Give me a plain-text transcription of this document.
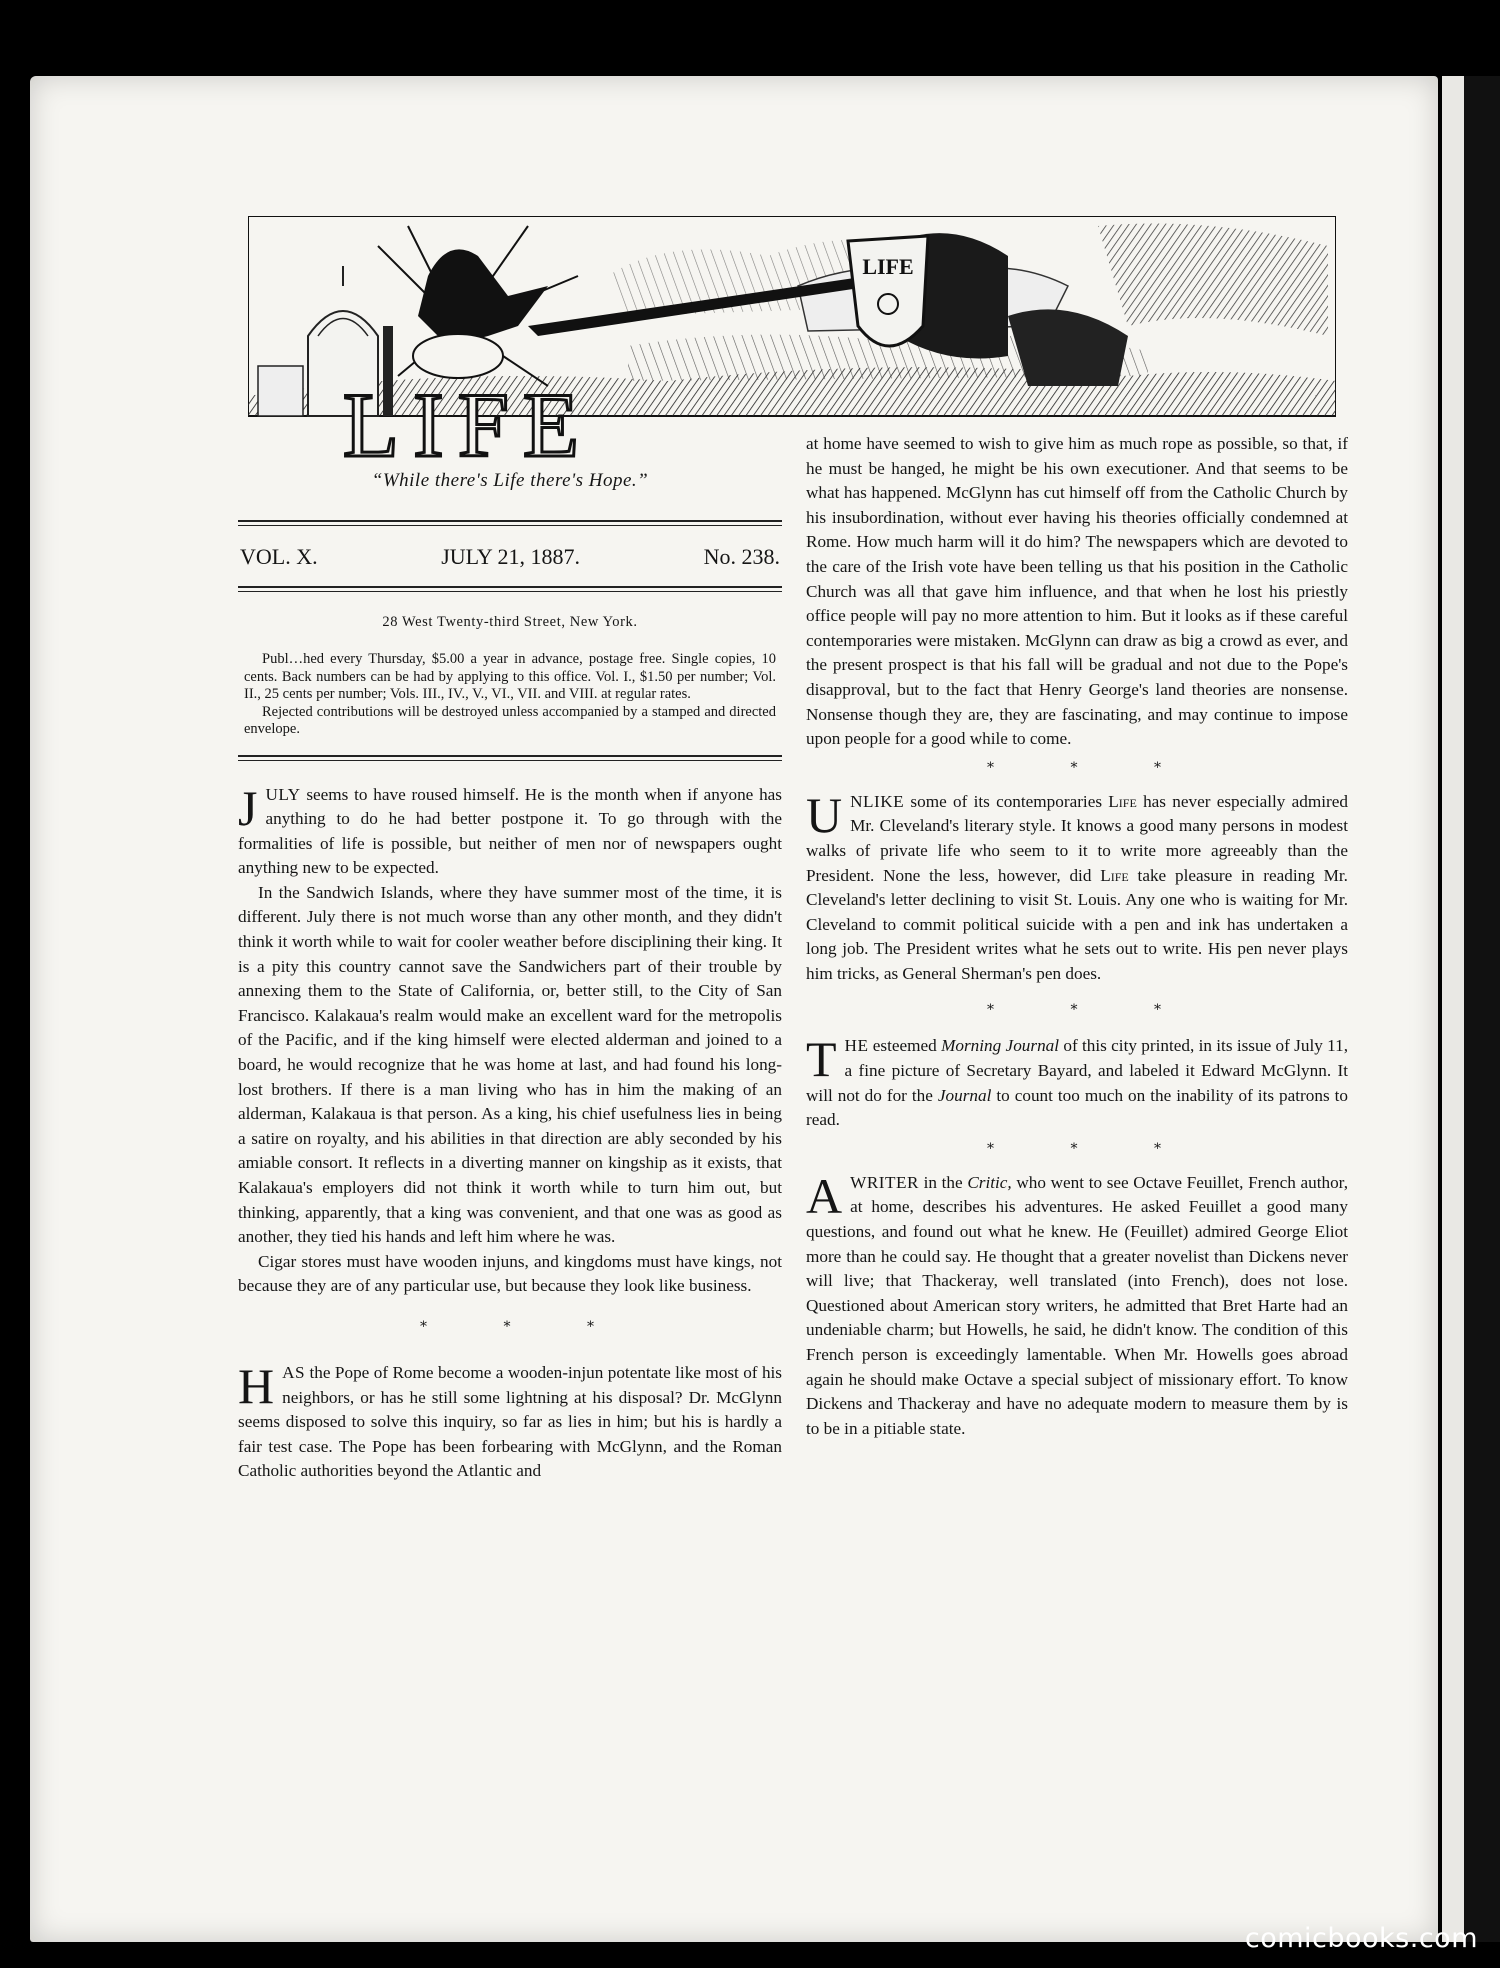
LIFE
LIFE

“While there's Life there's Hope.”

VOL. X.	JULY 21, 1887.	No. 238.
28 West Twenty-third Street, New York.

Publ…hed every Thursday, $5.00 a year in advance, postage free. Single copies, 10 cents. Back numbers can be had by applying to this office. Vol. I., $1.50 per number; Vol. II., 25 cents per number; Vols. III., IV., V., VI., VII. and VIII. at regular rates.

Rejected contributions will be destroyed unless accompanied by a stamped and directed envelope.

JULY seems to have roused himself. He is the month when if anyone has anything to do he had better postpone it. To go through with the formalities of life is possible, but neither of men nor of newspapers ought anything new to be expected.

In the Sandwich Islands, where they have summer most of the time, it is different. July there is not much worse than any other month, and they didn't think it worth while to wait for cooler weather before disciplining their king. It is a pity this country cannot save the Sandwichers part of their trouble by annexing them to the State of California, or, better still, to the City of San Francisco. Kalakaua's realm would make an excellent ward for the metropolis of the Pacific, and if the king himself were elected alderman and joined to a board, he would recognize that he was home at last, and had found his long-lost brothers. If there is a man living who has in him the making of an alderman, Kalakaua is that person. As a king, his chief usefulness lies in being a satire on royalty, and his abilities in that direction are ably seconded by his amiable consort. It reflects in a diverting manner on kingship as it exists, that Kalakaua's employers did not think it worth while to turn him out, but thinking, apparently, that a king was convenient, and that one was as good as another, they tied his hands and left him where he was.

Cigar stores must have wooden injuns, and kingdoms must have kings, not because they are of any particular use, but because they look like business.

* * *

HAS the Pope of Rome become a wooden-injun potentate like most of his neighbors, or has he still some lightning at his disposal? Dr. McGlynn seems disposed to solve this inquiry, so far as lies in him; but his is hardly a fair test case. The Pope has been forbearing with McGlynn, and the Roman Catholic authorities beyond the Atlantic and

at home have seemed to wish to give him as much rope as possible, so that, if he must be hanged, he might be his own executioner. And that seems to be what has happened. McGlynn has cut himself off from the Catholic Church by his insubordination, without ever having his theories officially condemned at Rome. How much harm will it do him? The newspapers which are devoted to the care of the Irish vote have been telling us that his position in the Catholic Church was all that gave him influence, and that when he lost his priestly office people will pay no more attention to him. But it looks as if these careful contemporaries were mistaken. McGlynn can draw as big a crowd as ever, and the present prospect is that his fall will be gradual and not due to the Pope's disapproval, but to the fact that Henry George's land theories are nonsense. Nonsense though they are, they are fascinating, and may continue to impose upon people for a good while to come.

* * *

UNLIKE some of its contemporaries Life has never especially admired Mr. Cleveland's literary style. It knows a good many persons in modest walks of private life who seem to it to write more agreeably than the President. None the less, however, did Life take pleasure in reading Mr. Cleveland's letter declining to visit St. Louis. Any one who is waiting for Mr. Cleveland to commit political suicide with a pen and ink has undertaken a long job. The President writes what he sets out to write. His pen never plays him tricks, as General Sherman's pen does.

* * *

THE esteemed Morning Journal of this city printed, in its issue of July 11, a fine picture of Secretary Bayard, and labeled it Edward McGlynn. It will not do for the Journal to count too much on the inability of its patrons to read.

* * *

AWRITER in the Critic, who went to see Octave Feuillet, French author, at home, describes his adventures. He asked Feuillet a good many questions, and found out what he knew. He (Feuillet) admired George Eliot more than he could say. He thought that a greater novelist than Dickens never will live; that Thackeray, well translated (into French), does not lose. Questioned about American story writers, he admitted that Bret Harte had an undeniable charm; but Howells, he said, he didn't know. The condition of this French person is exceedingly lamentable. When Mr. Howells goes abroad again he should make Octave a special subject of missionary effort. To know Dickens and Thackeray and have no adequate modern to measure them by is to be in a pitiable state.

comicbooks.com
